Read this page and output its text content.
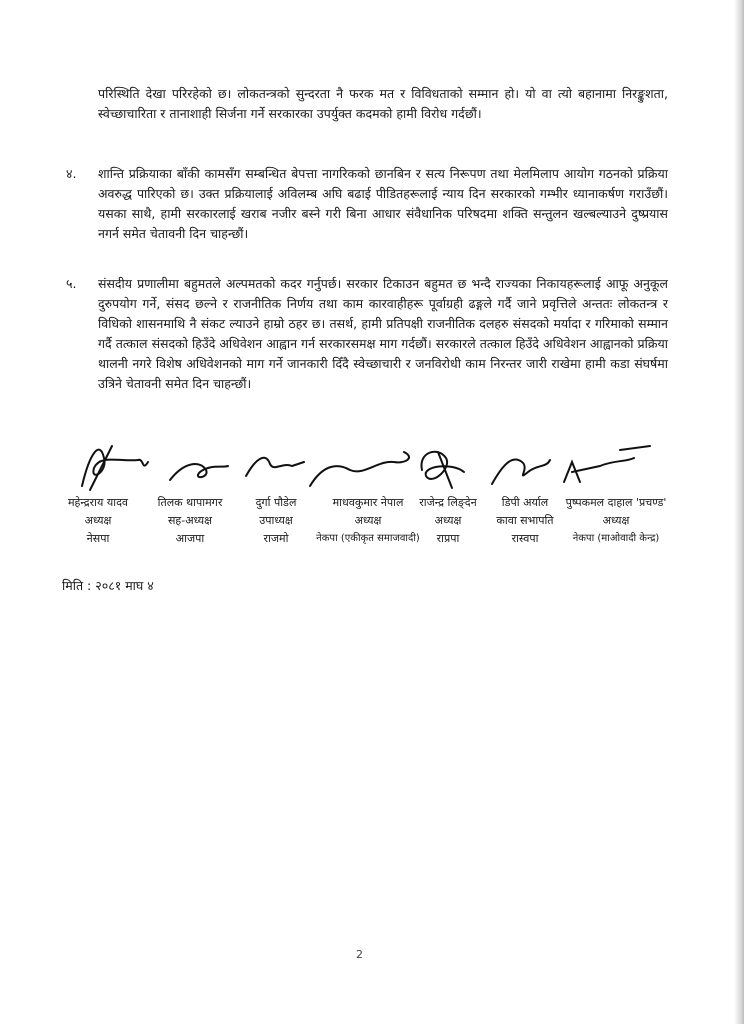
परिस्थिति देखा परिरहेको छ। लोकतन्त्रको सुन्दरता नै फरक मत र विविधताको सम्मान हो। यो वा त्यो बहानामा निरङ्कुशता, स्वेच्छाचारिता र तानाशाही सिर्जना गर्ने सरकारका उपर्युक्त कदमको हामी विरोध गर्दछौं।
४. शान्ति प्रक्रियाका बाँकी कामसँग सम्बन्धित बेपत्ता नागरिकको छानबिन र सत्य निरूपण तथा मेलमिलाप आयोग गठनको प्रक्रिया अवरुद्ध पारिएको छ। उक्त प्रक्रियालाई अविलम्ब अघि बढाई पीडितहरूलाई न्याय दिन सरकारको गम्भीर ध्यानाकर्षण गराउँछौं। यसका साथै, हामी सरकारलाई खराब नजीर बस्ने गरी बिना आधार संवैधानिक परिषदमा शक्ति सन्तुलन खल्बल्याउने दुष्प्रयास नगर्न समेत चेतावनी दिन चाहन्छौं।
५. संसदीय प्रणालीमा बहुमतले अल्पमतको कदर गर्नुपर्छ। सरकार टिकाउन बहुमत छ भन्दै राज्यका निकायहरूलाई आफू अनुकूल दुरुपयोग गर्ने, संसद छल्ने र राजनीतिक निर्णय तथा काम कारवाहीहरू पूर्वाग्रही ढङ्गले गर्दै जाने प्रवृत्तिले अन्ततः लोकतन्त्र र विधिको शासनमाथि नै संकट ल्याउने हाम्रो ठहर छ। तसर्थ, हामी प्रतिपक्षी राजनीतिक दलहरु संसदको मर्यादा र गरिमाको सम्मान गर्दै तत्काल संसदको हिउँदे अधिवेशन आह्वान गर्न सरकारसमक्ष माग गर्दछौं। सरकारले तत्काल हिउँदे अधिवेशन आह्वानको प्रक्रिया थालनी नगरे विशेष अधिवेशनको माग गर्ने जानकारी दिँदै स्वेच्छाचारी र जनविरोधी काम निरन्तर जारी राखेमा हामी कडा संघर्षमा उत्रिने चेतावनी समेत दिन चाहन्छौं।
महेन्द्रराय यादव
अध्यक्ष
नेसपा
तिलक थापामगर
सह-अध्यक्ष
आजपा
दुर्गा पौडेल
उपाध्यक्ष
राजमो
माधवकुमार नेपाल
अध्यक्ष
नेकपा (एकीकृत समाजवादी)
राजेन्द्र लिङ्देन
अध्यक्ष
राप्रपा
डिपी अर्याल
कावा सभापति
रास्वपा
पुष्पकमल दाहाल 'प्रचण्ड'
अध्यक्ष
नेकपा (माओवादी केन्द्र)
मिति : २०८१ माघ ४
2
